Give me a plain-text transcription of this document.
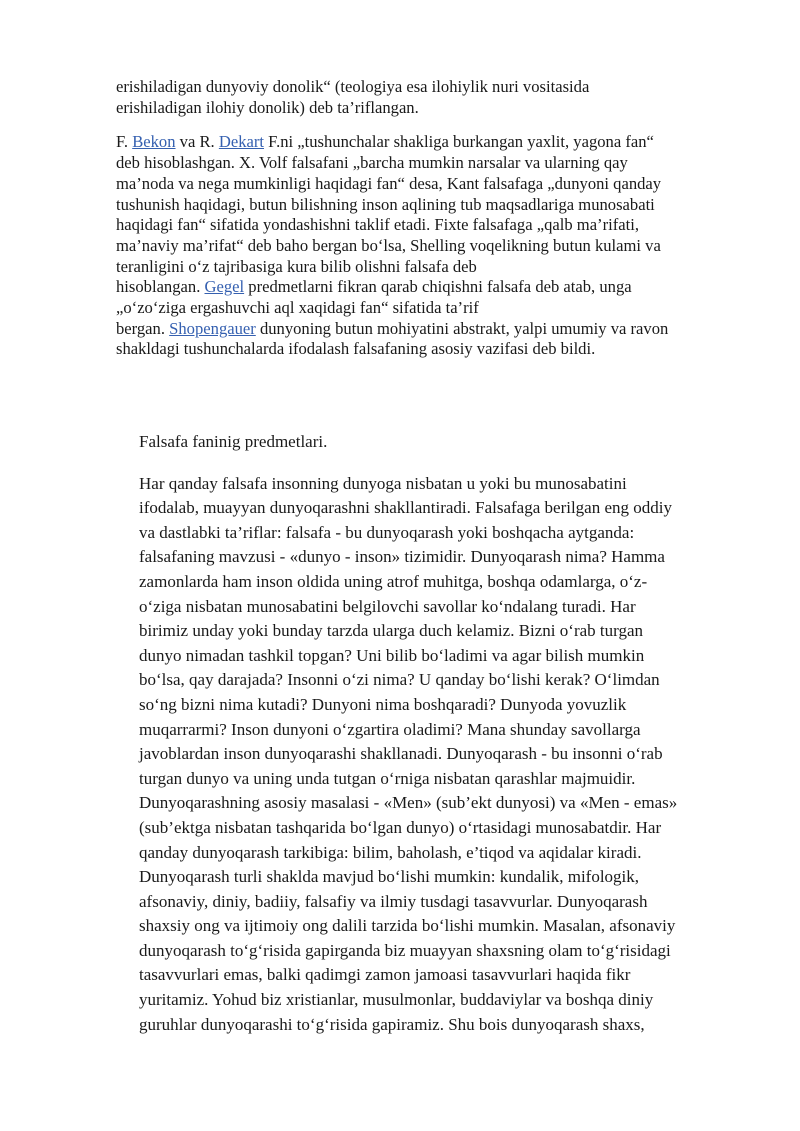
erishiladigan dunyoviy donolik“ (teologiya esa ilohiylik nuri vositasida
erishiladigan ilohiy donolik) deb ta’riflangan.

F. Bekon va R. Dekart F.ni „tushunchalar shakliga burkangan yaxlit, yagona fan“
deb hisoblashgan. X. Volf falsafani „barcha mumkin narsalar va ularning qay
ma’noda va nega mumkinligi haqidagi fan“ desa, Kant falsafaga „dunyoni qanday
tushunish haqidagi, butun bilishning inson aqlining tub maqsadlariga munosabati
haqidagi fan“ sifatida yondashishni taklif etadi. Fixte falsafaga „qalb ma’rifati,
ma’naviy ma’rifat“ deb baho bergan bo‘lsa, Shelling voqelikning butun kulami va
teranligini o‘z tajribasiga kura bilib olishni falsafa deb
hisoblangan. Gegel predmetlarni fikran qarab chiqishni falsafa deb atab, unga
„o‘zo‘ziga ergashuvchi aql xaqidagi fan“ sifatida ta’rif
bergan. Shopengauer dunyoning butun mohiyatini abstrakt, yalpi umumiy va ravon
shakldagi tushunchalarda ifodalash falsafaning asosiy vazifasi deb bildi.

Falsafa faninig predmetlari.

Har qanday falsafa insonning dunyoga nisbatan u yoki bu munosabatini
ifodalab, muayyan dunyoqarashni shakllantiradi. Falsafaga berilgan eng oddiy
va dastlabki ta’riflar: falsafa - bu dunyoqarash yoki boshqacha aytganda:
falsafaning mavzusi - «dunyo - inson» tizimidir. Dunyoqarash nima? Hamma
zamonlarda ham inson oldida uning atrof muhitga, boshqa odamlarga, o‘z-
o‘ziga nisbatan munosabatini belgilovchi savollar ko‘ndalang turadi. Har
birimiz unday yoki bunday tarzda ularga duch kelamiz. Bizni o‘rab turgan
dunyo nimadan tashkil topgan? Uni bilib bo‘ladimi va agar bilish mumkin
bo‘lsa, qay darajada? Insonni o‘zi nima? U qanday bo‘lishi kerak? O‘limdan
so‘ng bizni nima kutadi? Dunyoni nima boshqaradi? Dunyoda yovuzlik
muqarrarmi? Inson dunyoni o‘zgartira oladimi? Mana shunday savollarga
javoblardan inson dunyoqarashi shakllanadi. Dunyoqarash - bu insonni o‘rab
turgan dunyo va uning unda tutgan o‘rniga nisbatan qarashlar majmuidir.
Dunyoqarashning asosiy masalasi - «Men» (sub’ekt dunyosi) va «Men - emas»
(sub’ektga nisbatan tashqarida bo‘lgan dunyo) o‘rtasidagi munosabatdir. Har
qanday dunyoqarash tarkibiga: bilim, baholash, e’tiqod va aqidalar kiradi.
Dunyoqarash turli shaklda mavjud bo‘lishi mumkin: kundalik, mifologik,
afsonaviy, diniy, badiiy, falsafiy va ilmiy tusdagi tasavvurlar. Dunyoqarash
shaxsiy ong va ijtimoiy ong dalili tarzida bo‘lishi mumkin. Masalan, afsonaviy
dunyoqarash to‘g‘risida gapirganda biz muayyan shaxsning olam to‘g‘risidagi
tasavvurlari emas, balki qadimgi zamon jamoasi tasavvurlari haqida fikr
yuritamiz. Yohud biz xristianlar, musulmonlar, buddaviylar va boshqa diniy
guruhlar dunyoqarashi to‘g‘risida gapiramiz. Shu bois dunyoqarash shaxs,
